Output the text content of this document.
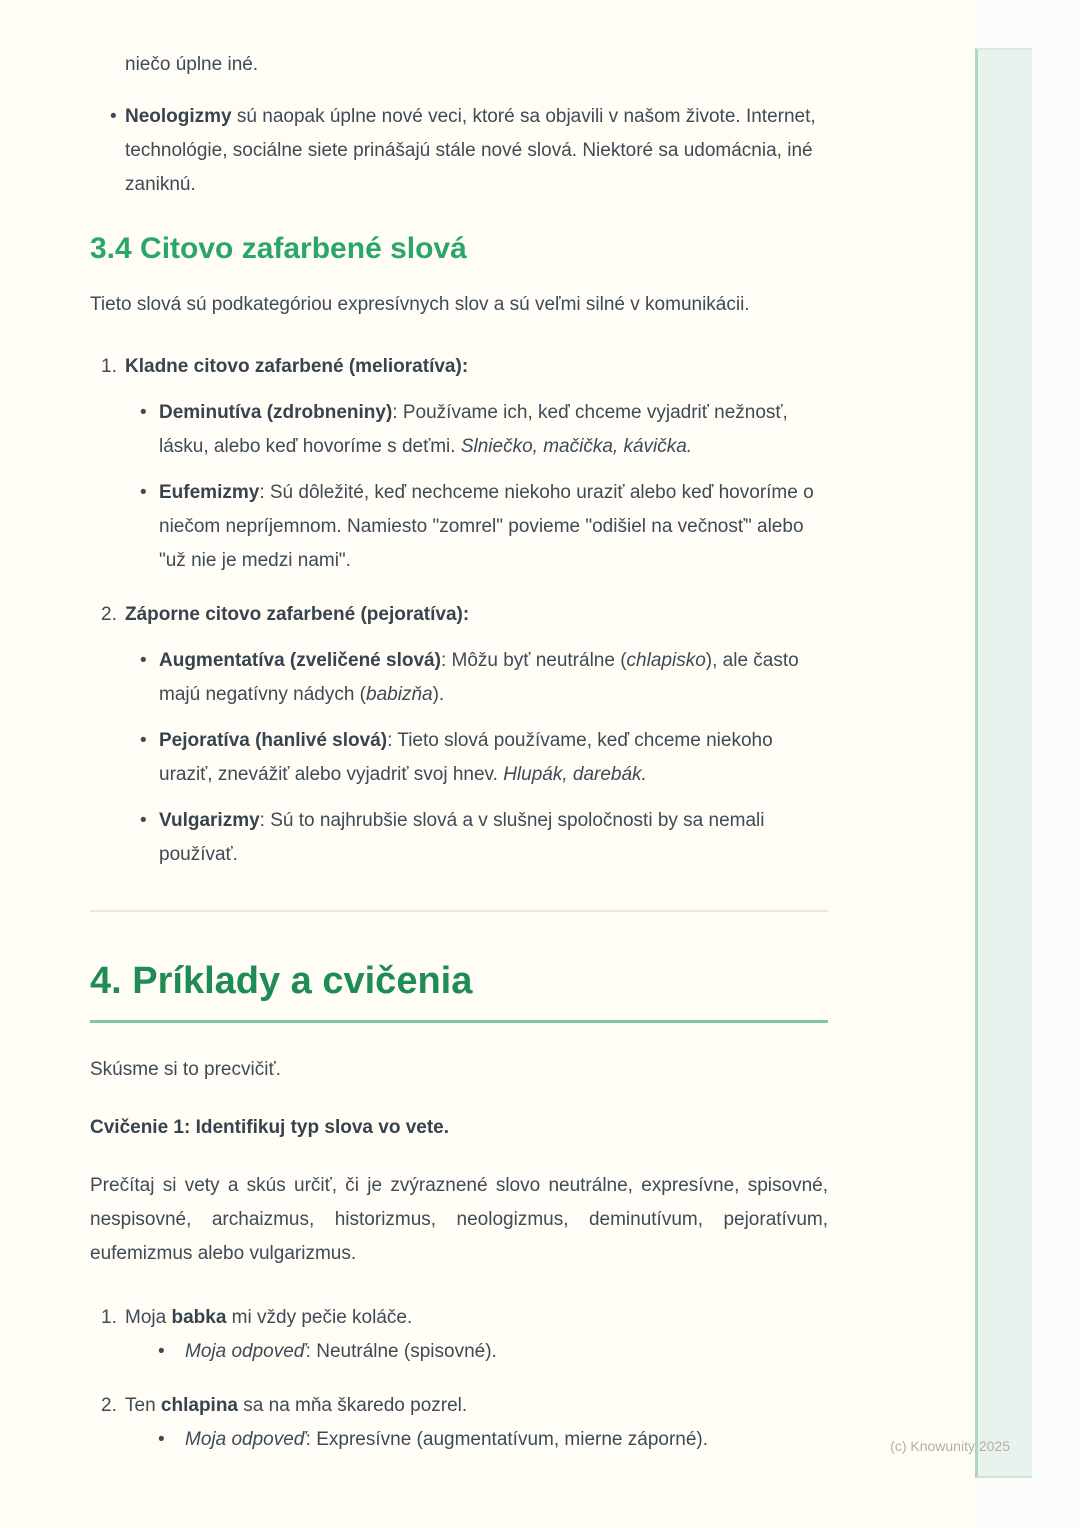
niečo úplne iné.

• Neologizmy sú naopak úplne nové veci, ktoré sa objavili v našom živote. Internet, technológie, sociálne siete prinášajú stále nové slová. Niektoré sa udomácnia, iné zaniknú.
3.4 Citovo zafarbené slová

Tieto slová sú podkategóriou expresívnych slov a sú veľmi silné v komunikácii.

1. Kladne citovo zafarbené (melioratíva):
• Deminutíva (zdrobneniny): Používame ich, keď chceme vyjadriť nežnosť, lásku, alebo keď hovoríme s deťmi. Slniečko, mačička, kávička.
• Eufemizmy: Sú dôležité, keď nechceme niekoho uraziť alebo keď hovoríme o niečom nepríjemnom. Namiesto "zomrel" povieme "odišiel na večnosť" alebo "už nie je medzi nami".
2. Záporne citovo zafarbené (pejoratíva):
• Augmentatíva (zveličené slová): Môžu byť neutrálne (chlapisko), ale často majú negatívny nádych (babizňa).
• Pejoratíva (hanlivé slová): Tieto slová používame, keď chceme niekoho uraziť, znevážiť alebo vyjadriť svoj hnev. Hlupák, darebák.
• Vulgarizmy: Sú to najhrubšie slová a v slušnej spoločnosti by sa nemali používať.
4. Príklady a cvičenia

Skúsme si to precvičiť.

Cvičenie 1: Identifikuj typ slova vo vete.

Prečítaj si vety a skús určiť, či je zvýraznené slovo neutrálne, expresívne, spisovné, nespisovné, archaizmus, historizmus, neologizmus, deminutívum, pejoratívum, eufemizmus alebo vulgarizmus.

1. Moja babka mi vždy pečie koláče.

• Moja odpoveď: Neutrálne (spisovné).

2. Ten chlapina sa na mňa škaredo pozrel.

• Moja odpoveď: Expresívne (augmentatívum, mierne záporné).	(c) Knowunity 2025
